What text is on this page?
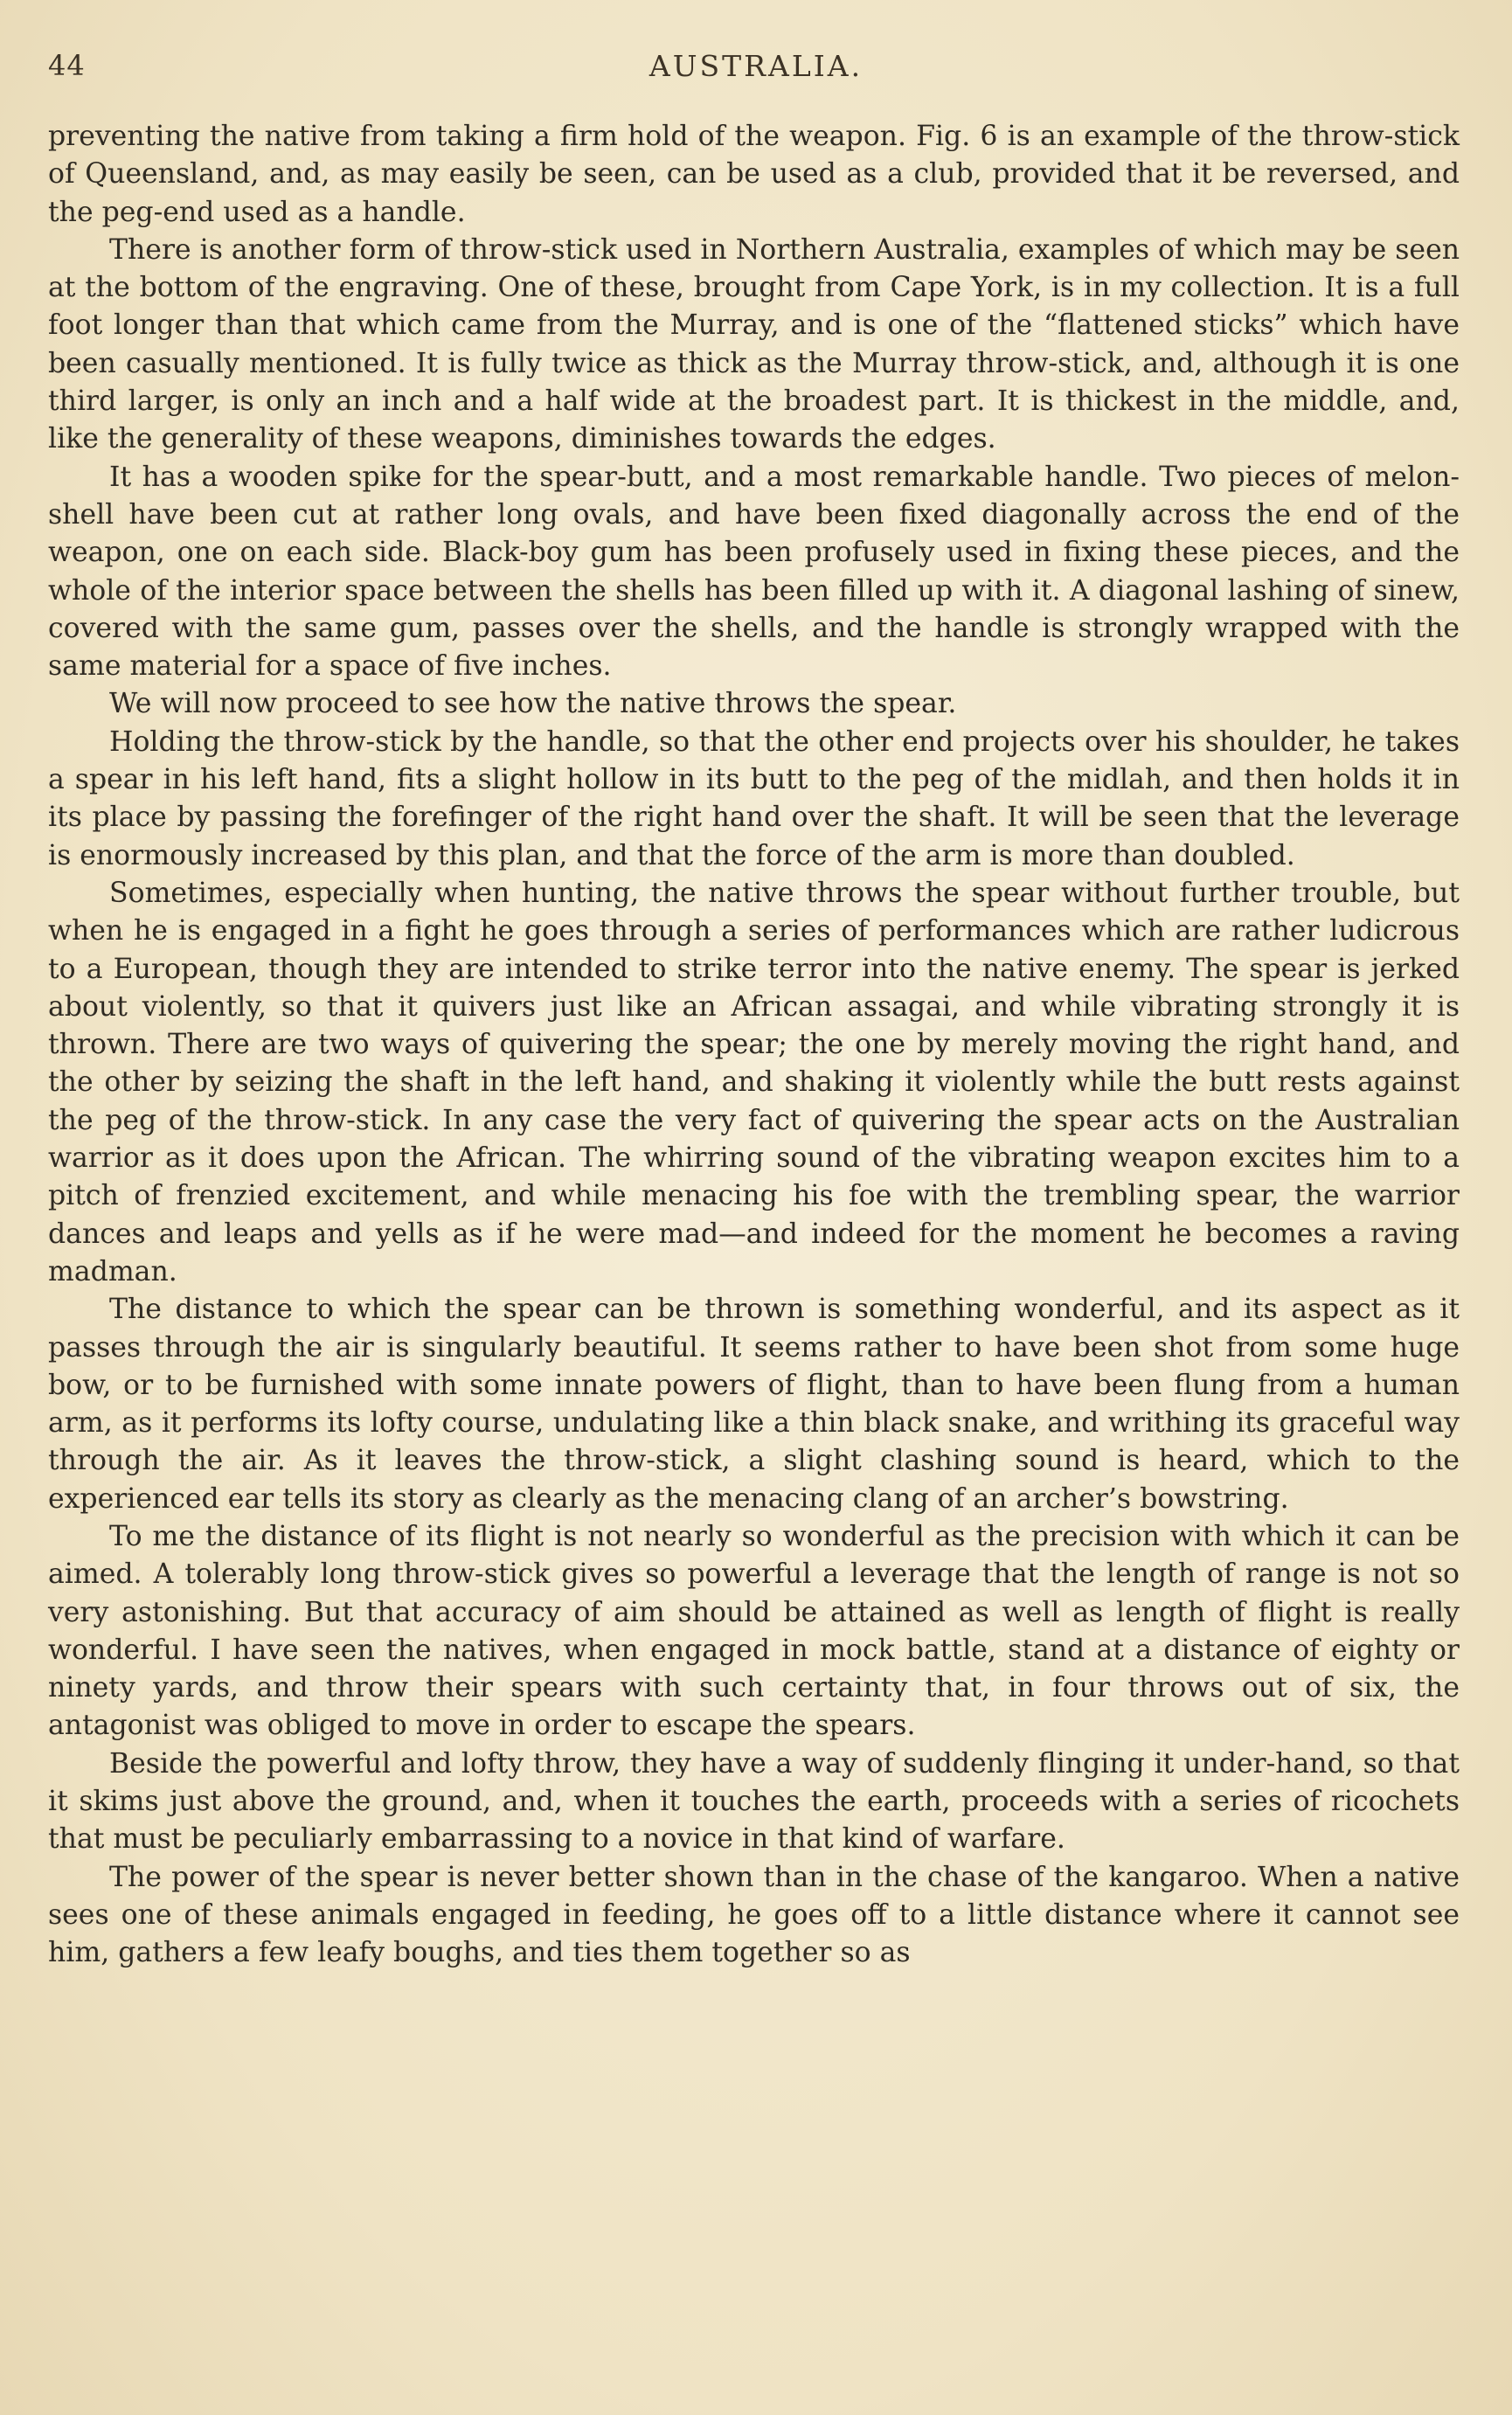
44	AUSTRALIA.

preventing the native from taking a firm hold of the weapon. Fig. 6 is an example of the throw-stick of Queensland, and, as may easily be seen, can be used as a club, provided that it be reversed, and the peg-end used as a handle.

There is another form of throw-stick used in Northern Australia, examples of which may be seen at the bottom of the engraving. One of these, brought from Cape York, is in my collection. It is a full foot longer than that which came from the Murray, and is one of the “flattened sticks” which have been casually mentioned. It is fully twice as thick as the Murray throw-stick, and, although it is one third larger, is only an inch and a half wide at the broadest part. It is thickest in the middle, and, like the generality of these weapons, diminishes towards the edges.

It has a wooden spike for the spear-butt, and a most remarkable handle. Two pieces of melon-shell have been cut at rather long ovals, and have been fixed diagonally across the end of the weapon, one on each side. Black-boy gum has been profusely used in fixing these pieces, and the whole of the interior space between the shells has been filled up with it. A diagonal lashing of sinew, covered with the same gum, passes over the shells, and the handle is strongly wrapped with the same material for a space of five inches.

We will now proceed to see how the native throws the spear.

Holding the throw-stick by the handle, so that the other end projects over his shoulder, he takes a spear in his left hand, fits a slight hollow in its butt to the peg of the midlah, and then holds it in its place by passing the forefinger of the right hand over the shaft. It will be seen that the leverage is enormously increased by this plan, and that the force of the arm is more than doubled.

Sometimes, especially when hunting, the native throws the spear without further trouble, but when he is engaged in a fight he goes through a series of performances which are rather ludicrous to a European, though they are intended to strike terror into the native enemy. The spear is jerked about violently, so that it quivers just like an African assagai, and while vibrating strongly it is thrown. There are two ways of quivering the spear; the one by merely moving the right hand, and the other by seizing the shaft in the left hand, and shaking it violently while the butt rests against the peg of the throw-stick. In any case the very fact of quivering the spear acts on the Australian warrior as it does upon the African. The whirring sound of the vibrating weapon excites him to a pitch of frenzied excitement, and while menacing his foe with the trembling spear, the warrior dances and leaps and yells as if he were mad—and indeed for the moment he becomes a raving madman.

The distance to which the spear can be thrown is something wonderful, and its aspect as it passes through the air is singularly beautiful. It seems rather to have been shot from some huge bow, or to be furnished with some innate powers of flight, than to have been flung from a human arm, as it performs its lofty course, undulating like a thin black snake, and writhing its graceful way through the air. As it leaves the throw-stick, a slight clashing sound is heard, which to the experienced ear tells its story as clearly as the menacing clang of an archer’s bowstring.

To me the distance of its flight is not nearly so wonderful as the precision with which it can be aimed. A tolerably long throw-stick gives so powerful a leverage that the length of range is not so very astonishing. But that accuracy of aim should be attained as well as length of flight is really wonderful. I have seen the natives, when engaged in mock battle, stand at a distance of eighty or ninety yards, and throw their spears with such certainty that, in four throws out of six, the antagonist was obliged to move in order to escape the spears.

Beside the powerful and lofty throw, they have a way of suddenly flinging it under-hand, so that it skims just above the ground, and, when it touches the earth, proceeds with a series of ricochets that must be peculiarly embarrassing to a novice in that kind of warfare.

The power of the spear is never better shown than in the chase of the kangaroo. When a native sees one of these animals engaged in feeding, he goes off to a little distance where it cannot see him, gathers a few leafy boughs, and ties them together so as
